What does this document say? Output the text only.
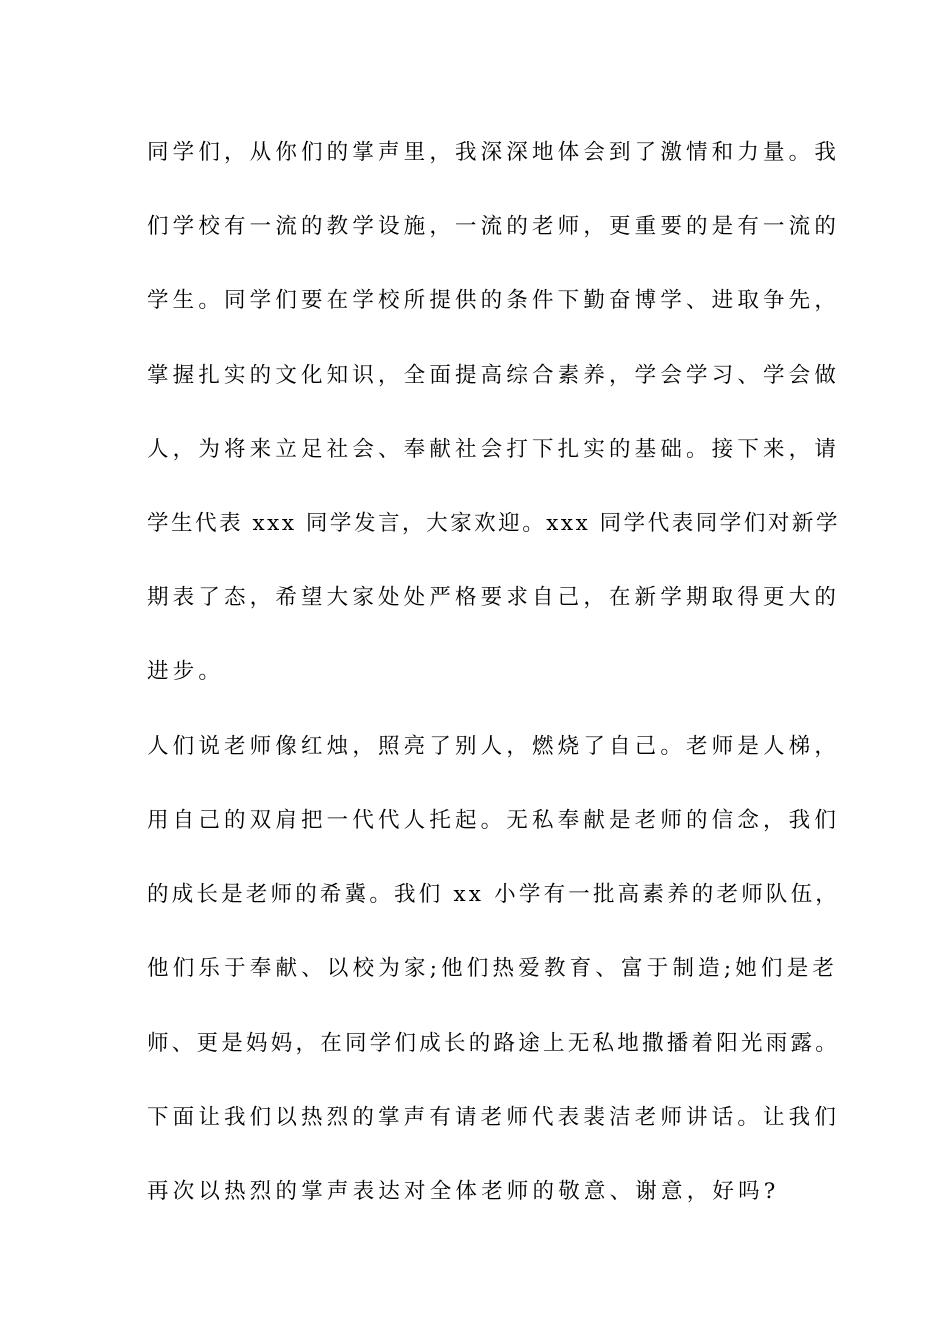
同学们，从你们的掌声里，我深深地体会到了激情和力量。我

们学校有一流的教学设施，一流的老师，更重要的是有一流的

学生。同学们要在学校所提供的条件下勤奋博学、进取争先，

掌握扎实的文化知识，全面提高综合素养，学会学习、学会做

人，为将来立足社会、奉献社会打下扎实的基础。接下来，请

学生代表 xxx 同学发言，大家欢迎。xxx 同学代表同学们对新学

期表了态，希望大家处处严格要求自己，在新学期取得更大的

进步。

人们说老师像红烛，照亮了别人，燃烧了自己。老师是人梯，

用自己的双肩把一代代人托起。无私奉献是老师的信念，我们

的成长是老师的希冀。我们 xx 小学有一批高素养的老师队伍，

他们乐于奉献、以校为家;他们热爱教育、富于制造;她们是老

师、更是妈妈，在同学们成长的路途上无私地撒播着阳光雨露。

下面让我们以热烈的掌声有请老师代表裴洁老师讲话。让我们

再次以热烈的掌声表达对全体老师的敬意、谢意，好吗?
